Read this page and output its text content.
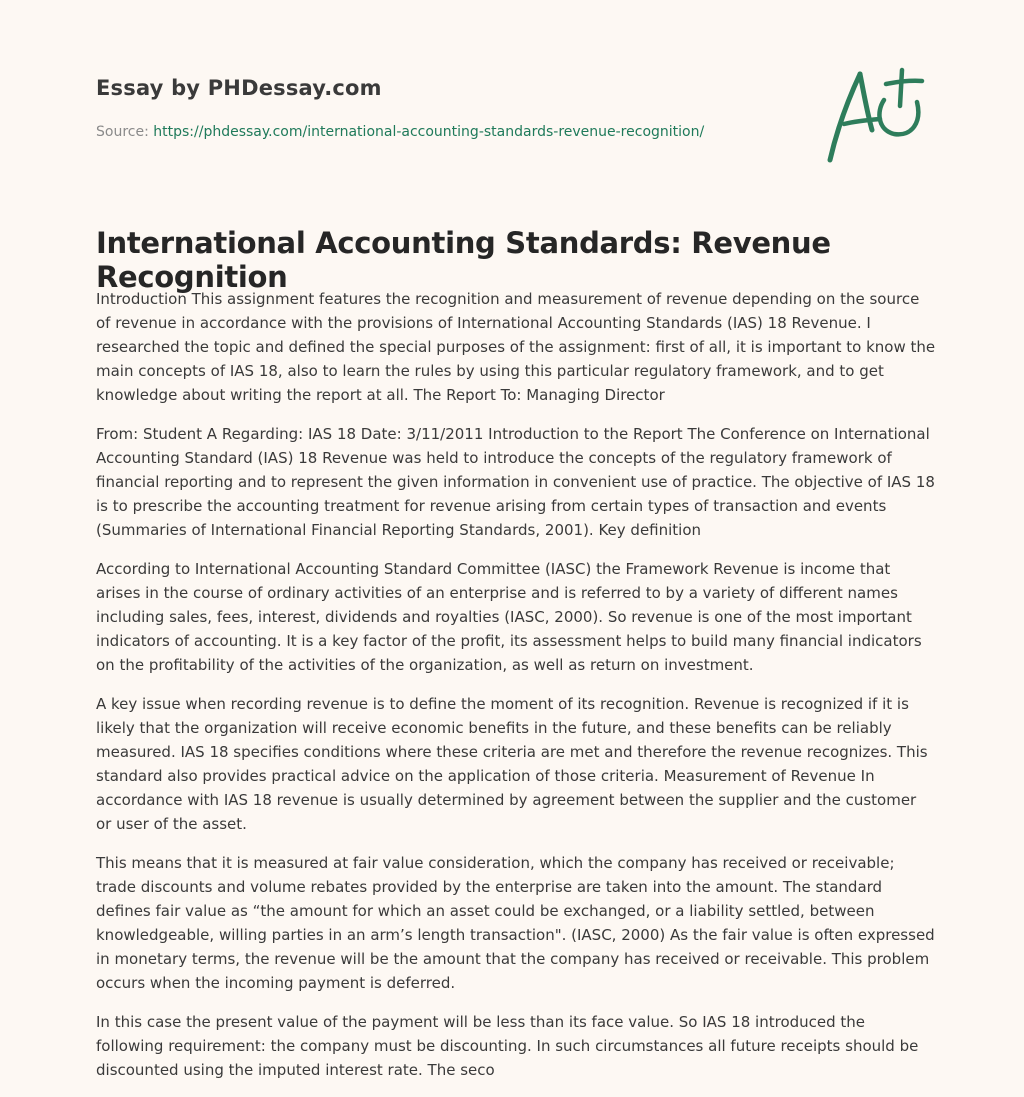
Essay by PHDessay.com
Source: https://phdessay.com/international-accounting-standards-revenue-recognition/
International Accounting Standards: Revenue Recognition

Introduction This assignment features the recognition and measurement of revenue depending on the source of revenue in accordance with the provisions of International Accounting Standards (IAS) 18 Revenue. I researched the topic and defined the special purposes of the assignment: first of all, it is important to know the main concepts of IAS 18, also to learn the rules by using this particular regulatory framework, and to get knowledge about writing the report at all. The Report To: Managing Director

From: Student A Regarding: IAS 18 Date: 3/11/2011 Introduction to the Report The Conference on International Accounting Standard (IAS) 18 Revenue was held to introduce the concepts of the regulatory framework of financial reporting and to represent the given information in convenient use of practice. The objective of IAS 18 is to prescribe the accounting treatment for revenue arising from certain types of transaction and events (Summaries of International Financial Reporting Standards, 2001). Key definition

According to International Accounting Standard Committee (IASC) the Framework Revenue is income that arises in the course of ordinary activities of an enterprise and is referred to by a variety of different names including sales, fees, interest, dividends and royalties (IASC, 2000). So revenue is one of the most important indicators of accounting. It is a key factor of the profit, its assessment helps to build many financial indicators on the profitability of the activities of the organization, as well as return on investment.

A key issue when recording revenue is to define the moment of its recognition. Revenue is recognized if it is likely that the organization will receive economic benefits in the future, and these benefits can be reliably measured. IAS 18 specifies conditions where these criteria are met and therefore the revenue recognizes. This standard also provides practical advice on the application of those criteria. Measurement of Revenue In accordance with IAS 18 revenue is usually determined by agreement between the supplier and the customer or user of the asset.

This means that it is measured at fair value consideration, which the company has received or receivable; trade discounts and volume rebates provided by the enterprise are taken into the amount. The standard defines fair value as “the amount for which an asset could be exchanged, or a liability settled, between knowledgeable, willing parties in an arm’s length transaction". (IASC, 2000) As the fair value is often expressed in monetary terms, the revenue will be the amount that the company has received or receivable. This problem occurs when the incoming payment is deferred.

In this case the present value of the payment will be less than its face value. So IAS 18 introduced the following requirement: the company must be discounting. In such circumstances all future receipts should be discounted using the imputed interest rate. The seco
